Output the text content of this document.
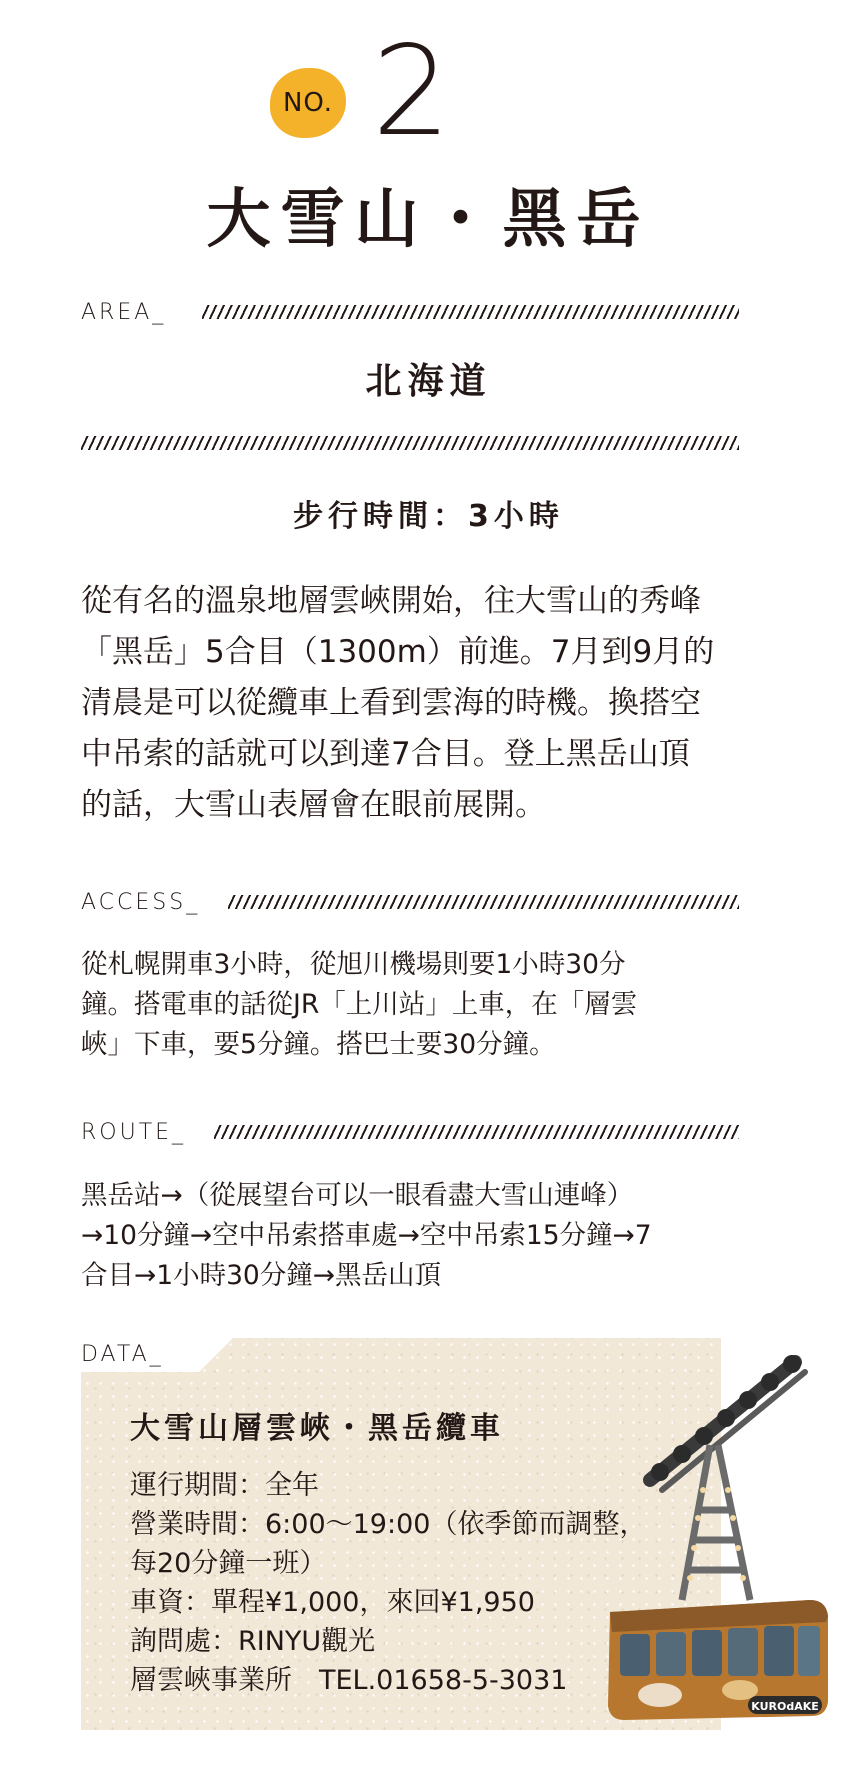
NO. 2
大雪山・黑岳
AREA_
北海道
步行時間：3小時
從有名的溫泉地層雲峽開始，往大雪山的秀峰
「黑岳」5合目（1300m）前進。7月到9月的
清晨是可以從纜車上看到雲海的時機。換搭空
中吊索的話就可以到達7合目。登上黑岳山頂
的話，大雪山表層會在眼前展開。
ACCESS_
從札幌開車3小時，從旭川機場則要1小時30分
鐘。搭電車的話從JR「上川站」上車，在「層雲
峽」下車，要5分鐘。搭巴士要30分鐘。
ROUTE_
黑岳站→（從展望台可以一眼看盡大雪山連峰）
→10分鐘→空中吊索搭車處→空中吊索15分鐘→7
合目→1小時30分鐘→黑岳山頂
DATA_
大雪山層雲峽・黑岳纜車
運行期間：全年
營業時間：6:00～19:00（依季節而調整，
每20分鐘一班）
車資：單程¥1,000，來回¥1,950
詢問處：RINYU觀光
層雲峽事業所　TEL.01658-5-3031
KUROdAKE
